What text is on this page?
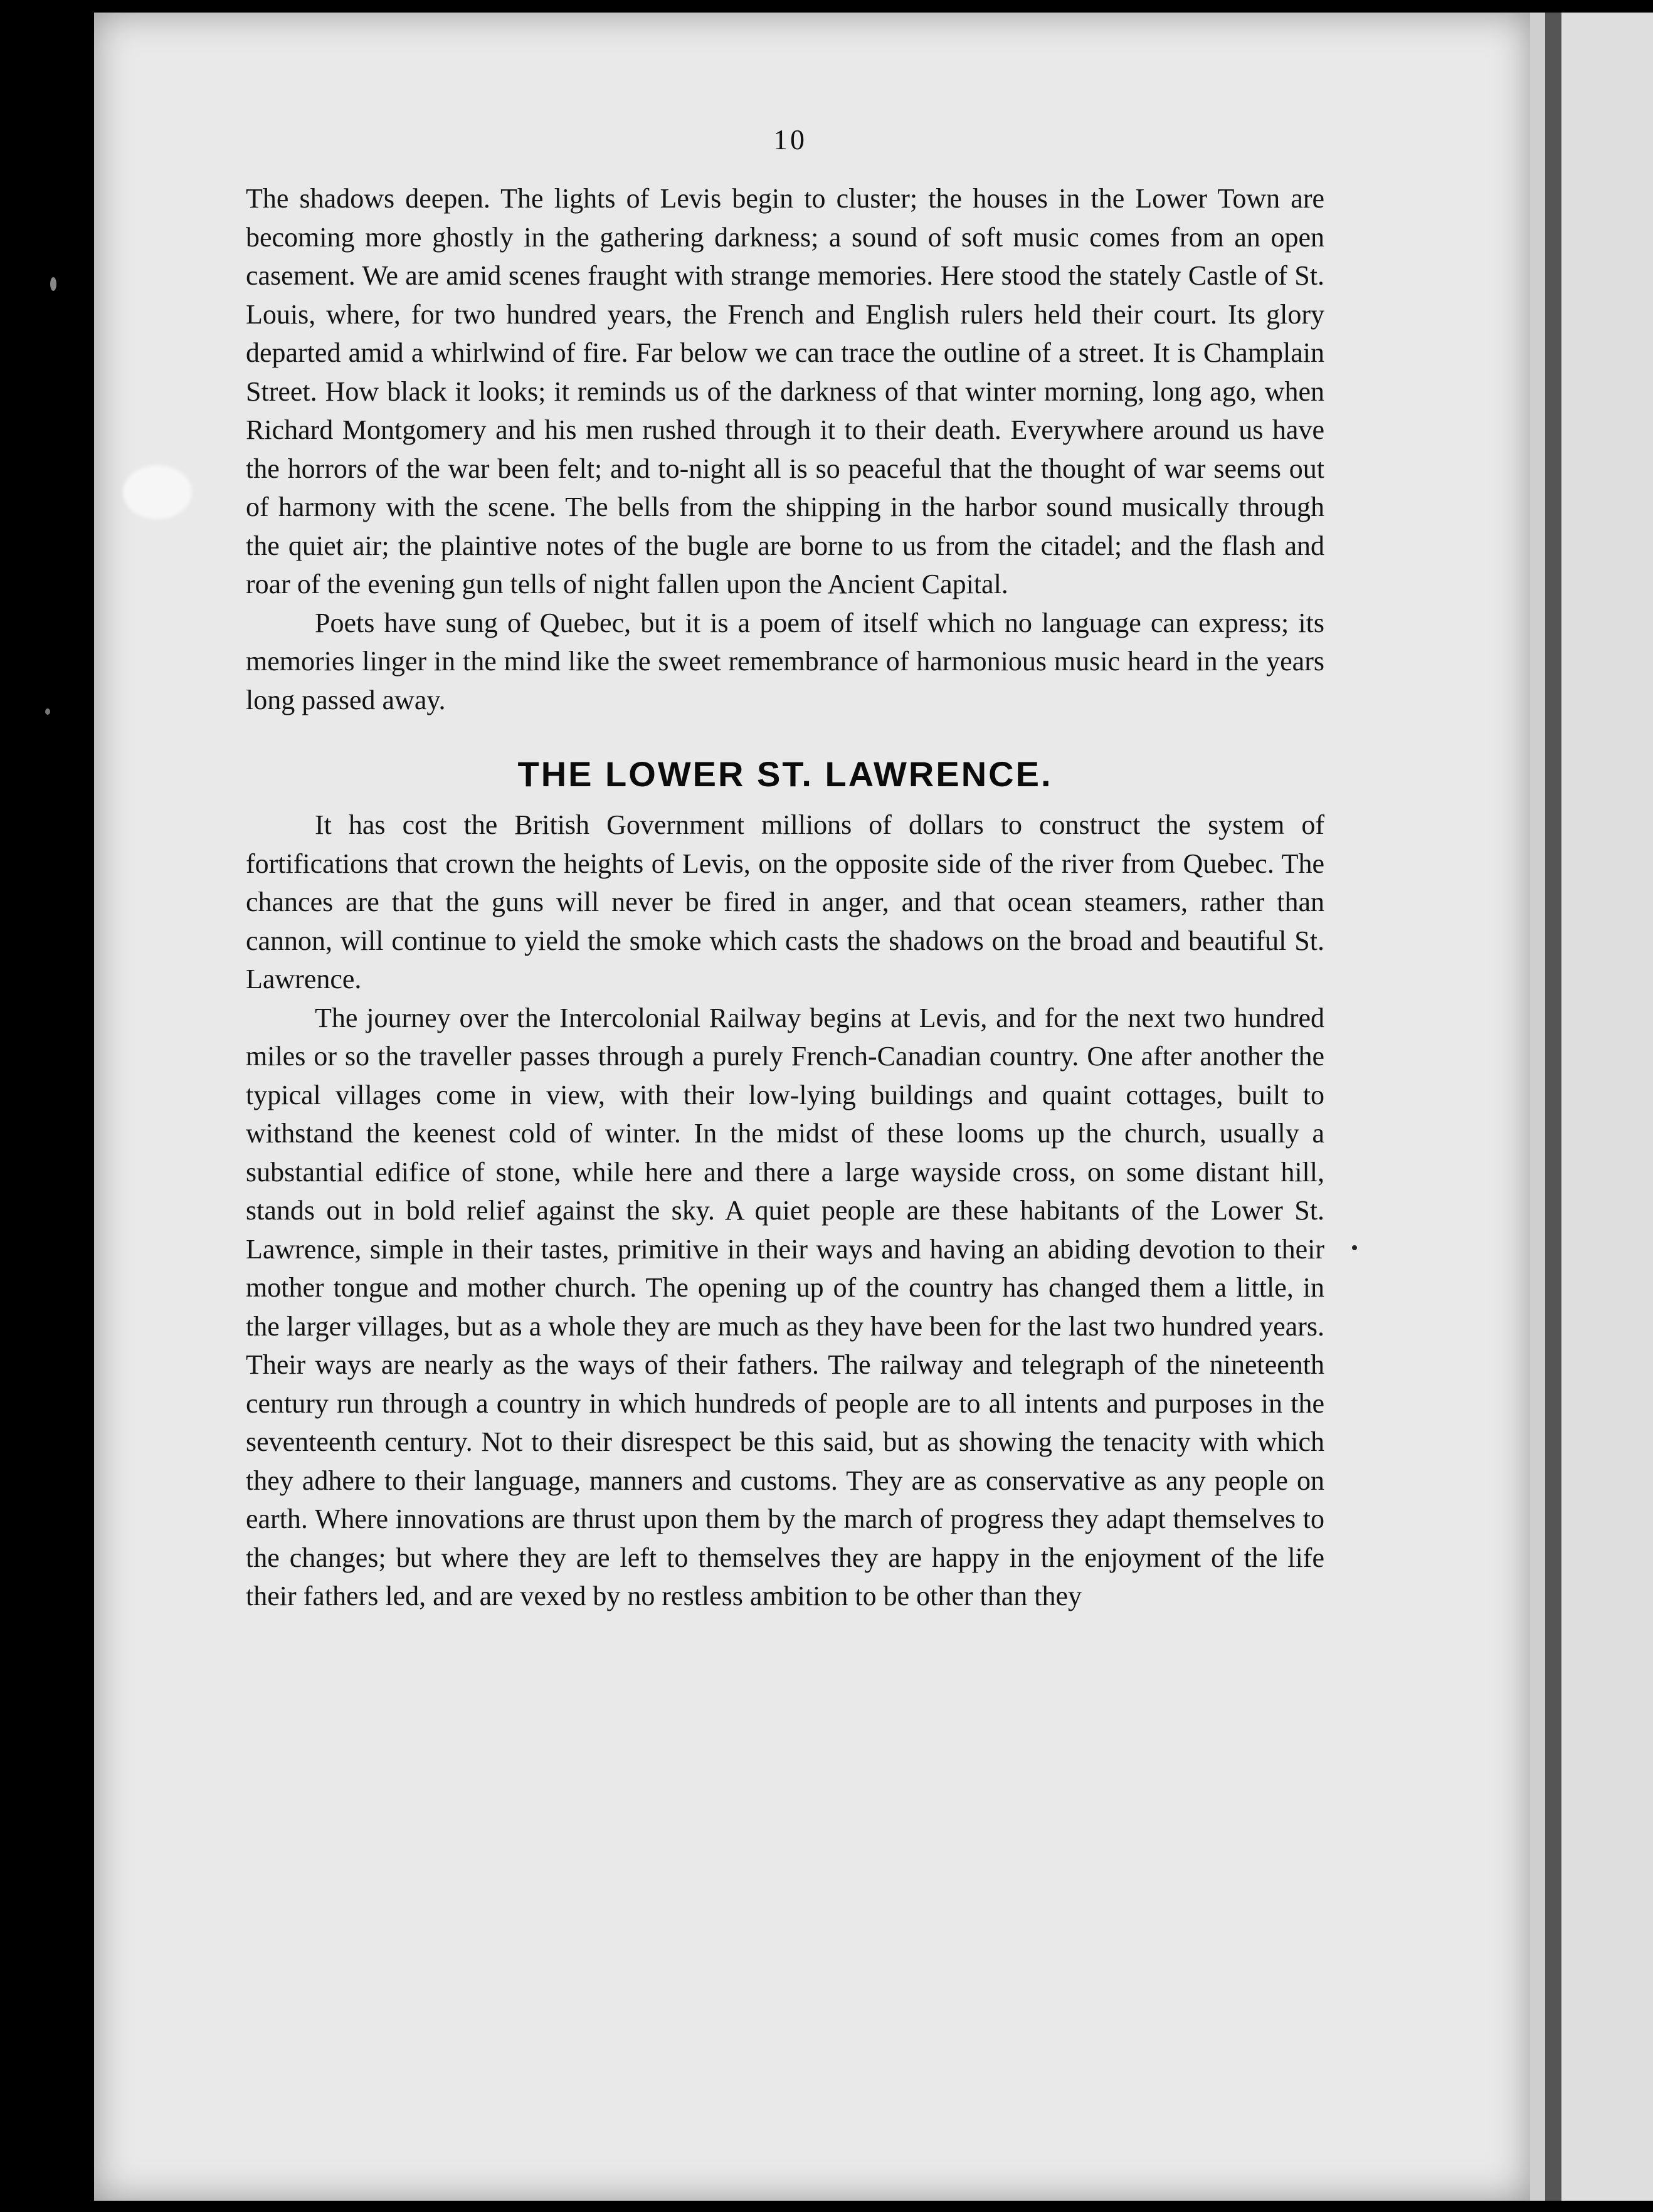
10

The shadows deepen. The lights of Levis begin to cluster; the houses in the Lower Town are becoming more ghostly in the gathering darkness; a sound of soft music comes from an open casement. We are amid scenes fraught with strange memories. Here stood the stately Castle of St. Louis, where, for two hundred years, the French and English rulers held their court. Its glory departed amid a whirlwind of fire. Far below we can trace the outline of a street. It is Champlain Street. How black it looks; it reminds us of the darkness of that winter morning, long ago, when Richard Montgomery and his men rushed through it to their death. Everywhere around us have the horrors of the war been felt; and to-night all is so peaceful that the thought of war seems out of harmony with the scene. The bells from the shipping in the harbor sound musically through the quiet air; the plaintive notes of the bugle are borne to us from the citadel; and the flash and roar of the evening gun tells of night fallen upon the Ancient Capital.

Poets have sung of Quebec, but it is a poem of itself which no language can express; its memories linger in the mind like the sweet remembrance of harmonious music heard in the years long passed away.

THE LOWER ST. LAWRENCE.

It has cost the British Government millions of dollars to construct the system of fortifications that crown the heights of Levis, on the opposite side of the river from Quebec. The chances are that the guns will never be fired in anger, and that ocean steamers, rather than cannon, will continue to yield the smoke which casts the shadows on the broad and beautiful St. Lawrence.

The journey over the Intercolonial Railway begins at Levis, and for the next two hundred miles or so the traveller passes through a purely French-Canadian country. One after another the typical villages come in view, with their low-lying buildings and quaint cottages, built to withstand the keenest cold of winter. In the midst of these looms up the church, usually a substantial edifice of stone, while here and there a large wayside cross, on some distant hill, stands out in bold relief against the sky. A quiet people are these habitants of the Lower St. Lawrence, simple in their tastes, primitive in their ways and having an abiding devotion to their mother tongue and mother church. The opening up of the country has changed them a little, in the larger villages, but as a whole they are much as they have been for the last two hundred years. Their ways are nearly as the ways of their fathers. The railway and telegraph of the nineteenth century run through a country in which hundreds of people are to all intents and purposes in the seventeenth century. Not to their disrespect be this said, but as showing the tenacity with which they adhere to their language, manners and customs. They are as conservative as any people on earth. Where innovations are thrust upon them by the march of progress they adapt themselves to the changes; but where they are left to themselves they are happy in the enjoyment of the life their fathers led, and are vexed by no restless ambition to be other than they
